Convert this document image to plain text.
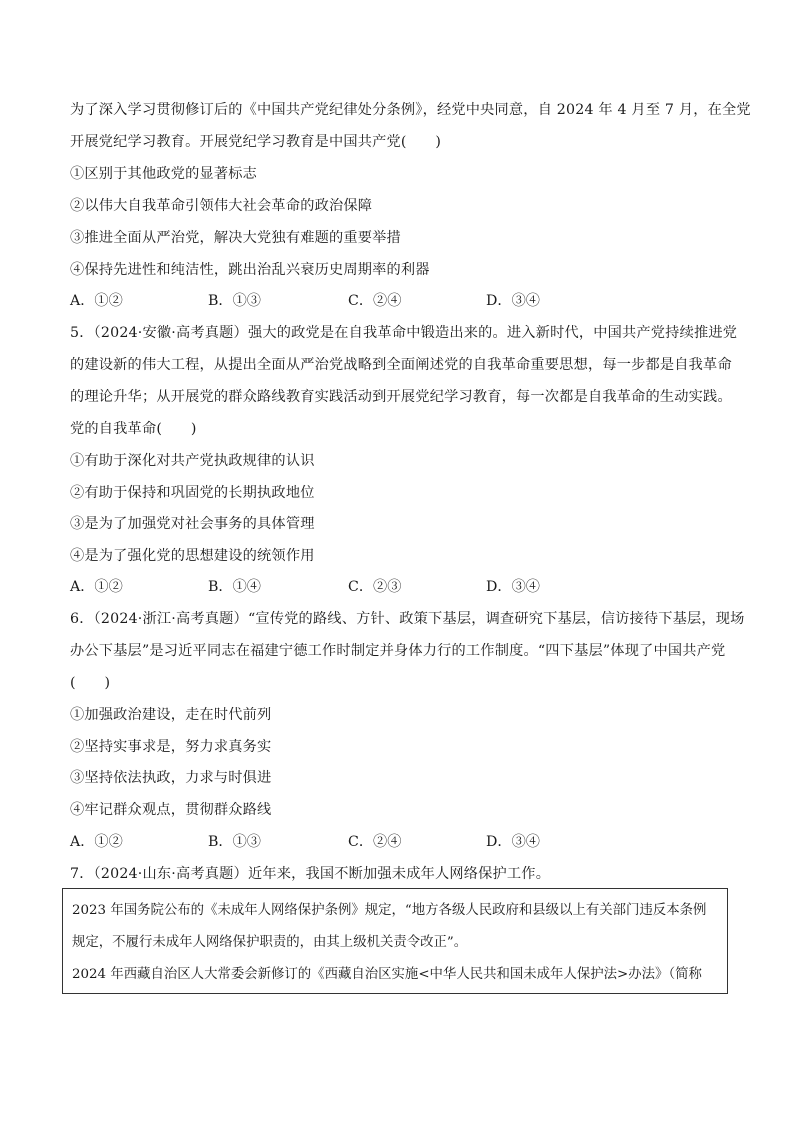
为了深入学习贯彻修订后的《中国共产党纪律处分条例》，经党中央同意，自 2024 年 4 月至 7 月，在全党
开展党纪学习教育。开展党纪学习教育是中国共产党(　　)
①区别于其他政党的显著标志
②以伟大自我革命引领伟大社会革命的政治保障
③推进全面从严治党，解决大党独有难题的重要举措
④保持先进性和纯洁性，跳出治乱兴衰历史周期率的利器
A．①②	B．①③	C．②④	D．③④
5．（2024·安徽·高考真题）强大的政党是在自我革命中锻造出来的。进入新时代，中国共产党持续推进党
的建设新的伟大工程，从提出全面从严治党战略到全面阐述党的自我革命重要思想，每一步都是自我革命
的理论升华；从开展党的群众路线教育实践活动到开展党纪学习教育，每一次都是自我革命的生动实践。
党的自我革命(　　)
①有助于深化对共产党执政规律的认识
②有助于保持和巩固党的长期执政地位
③是为了加强党对社会事务的具体管理
④是为了强化党的思想建设的统领作用
A．①②	B．①④	C．②③	D．③④
6．（2024·浙江·高考真题）“宣传党的路线、方针、政策下基层，调查研究下基层，信访接待下基层，现场
办公下基层”是习近平同志在福建宁德工作时制定并身体力行的工作制度。“四下基层”体现了中国共产党
(　　)
①加强政治建设，走在时代前列
②坚持实事求是，努力求真务实
③坚持依法执政，力求与时俱进
④牢记群众观点，贯彻群众路线
A．①②	B．①③	C．②④	D．③④
7．（2024·山东·高考真题）近年来，我国不断加强未成年人网络保护工作。
2023 年国务院公布的《未成年人网络保护条例》规定，“地方各级人民政府和县级以上有关部门违反本条例
规定，不履行未成年人网络保护职责的，由其上级机关责令改正”。
2024 年西藏自治区人大常委会新修订的《西藏自治区实施<中华人民共和国未成年人保护法>办法》（简称
